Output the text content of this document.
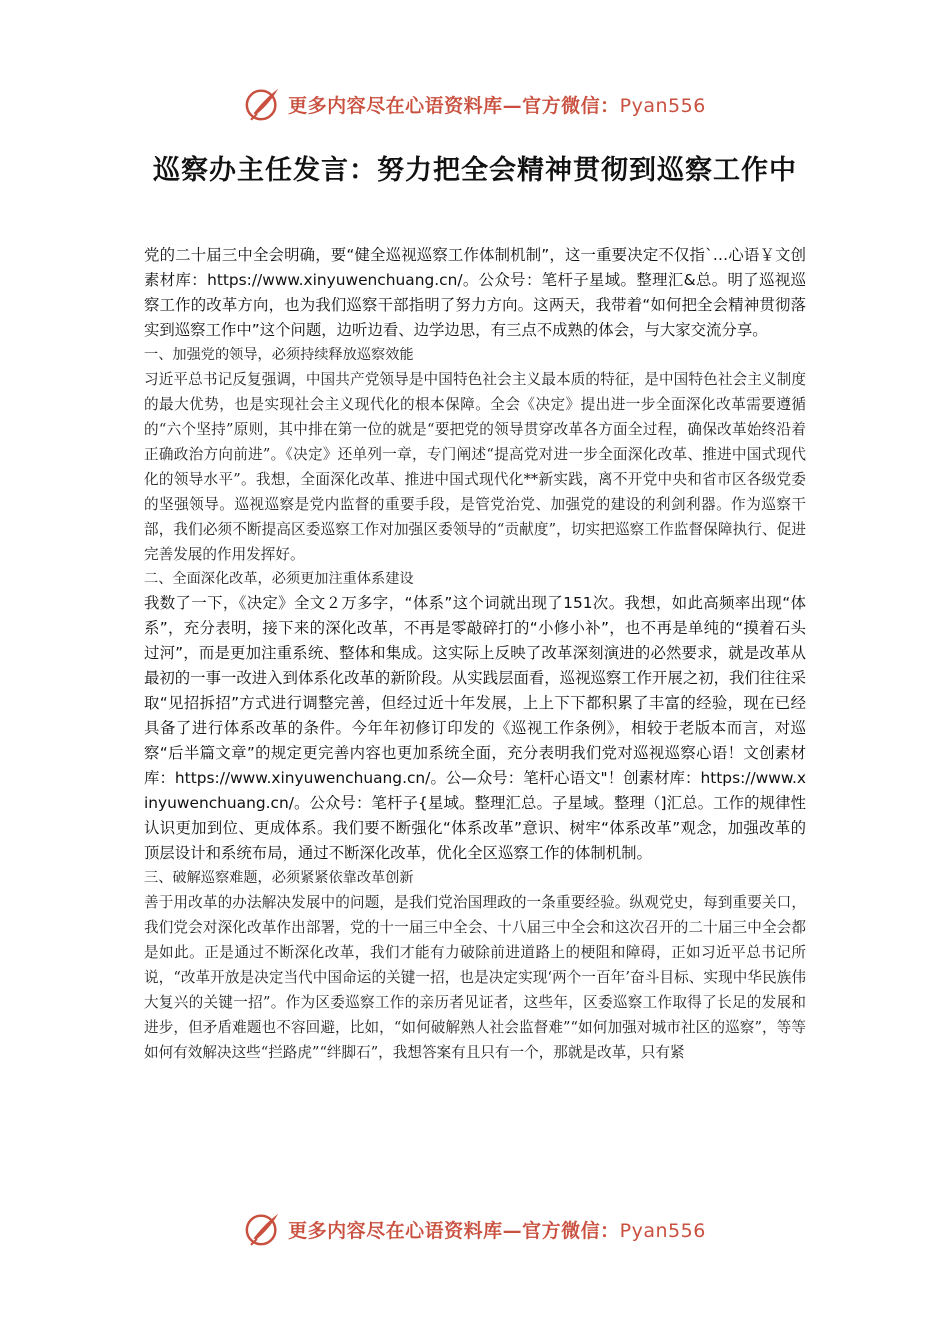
更多内容尽在心语资料库—官方微信：Pyan556
巡察办主任发言：努力把全会精神贯彻到巡察工作中

党的二十届三中全会明确，要“健全巡视巡察工作体制机制”，这一重要决定不仅指`…心语￥文创素材库：https://www.xinyuwenchuang.cn/。公众号：笔杆子星域。整理汇&总。明了巡视巡察工作的改革方向，也为我们巡察干部指明了努力方向。这两天，我带着“如何把全会精神贯彻落实到巡察工作中”这个问题，边听边看、边学边思，有三点不成熟的体会，与大家交流分享。

一、加强党的领导，必须持续释放巡察效能

习近平总书记反复强调，中国共产党领导是中国特色社会主义最本质的特征，是中国特色社会主义制度的最大优势，也是实现社会主义现代化的根本保障。全会《决定》提出进一步全面深化改革需要遵循的“六个坚持”原则，其中排在第一位的就是“要把党的领导贯穿改革各方面全过程，确保改革始终沿着正确政治方向前进”。《决定》还单列一章，专门阐述“提高党对进一步全面深化改革、推进中国式现代化的领导水平”。我想，全面深化改革、推进中国式现代化**新实践，离不开党中央和省市区各级党委的坚强领导。巡视巡察是党内监督的重要手段，是管党治党、加强党的建设的利剑利器。作为巡察干部，我们必须不断提高区委巡察工作对加强区委领导的“贡献度”，切实把巡察工作监督保障执行、促进完善发展的作用发挥好。

二、全面深化改革，必须更加注重体系建设

我数了一下，《决定》全文２万多字，“体系”这个词就出现了151次。我想，如此高频率出现“体系”，充分表明，接下来的深化改革，不再是零敲碎打的“小修小补”，也不再是单纯的“摸着石头过河”，而是更加注重系统、整体和集成。这实际上反映了改革深刻演进的必然要求，就是改革从最初的一事一改进入到体系化改革的新阶段。从实践层面看，巡视巡察工作开展之初，我们往往采取“见招拆招”方式进行调整完善，但经过近十年发展，上上下下都积累了丰富的经验，现在已经具备了进行体系改革的条件。今年年初修订印发的《巡视工作条例》，相较于老版本而言，对巡察“后半篇文章”的规定更完善内容也更加系统全面，充分表明我们党对巡视巡察心语！文创素材库：https://www.xinyuwenchuang.cn/。公—众号：笔杆心语文"！创素材库：https://www.xinyuwenchuang.cn/。公众号：笔杆子{星域。整理汇总。子星域。整理（]汇总。工作的规律性认识更加到位、更成体系。我们要不断强化“体系改革”意识、树牢“体系改革”观念，加强改革的顶层设计和系统布局，通过不断深化改革，优化全区巡察工作的体制机制。

三、破解巡察难题，必须紧紧依靠改革创新

善于用改革的办法解决发展中的问题，是我们党治国理政的一条重要经验。纵观党史，每到重要关口，我们党会对深化改革作出部署，党的十一届三中全会、十八届三中全会和这次召开的二十届三中全会都是如此。正是通过不断深化改革，我们才能有力破除前进道路上的梗阻和障碍，正如习近平总书记所说，“改革开放是决定当代中国命运的关键一招，也是决定实现‘两个一百年’奋斗目标、实现中华民族伟大复兴的关键一招”。作为区委巡察工作的亲历者见证者，这些年，区委巡察工作取得了长足的发展和进步，但矛盾难题也不容回避，比如，“如何破解熟人社会监督难”“如何加强对城市社区的巡察”，等等如何有效解决这些“拦路虎”“绊脚石”，我想答案有且只有一个，那就是改革，只有紧

更多内容尽在心语资料库—官方微信：Pyan556
